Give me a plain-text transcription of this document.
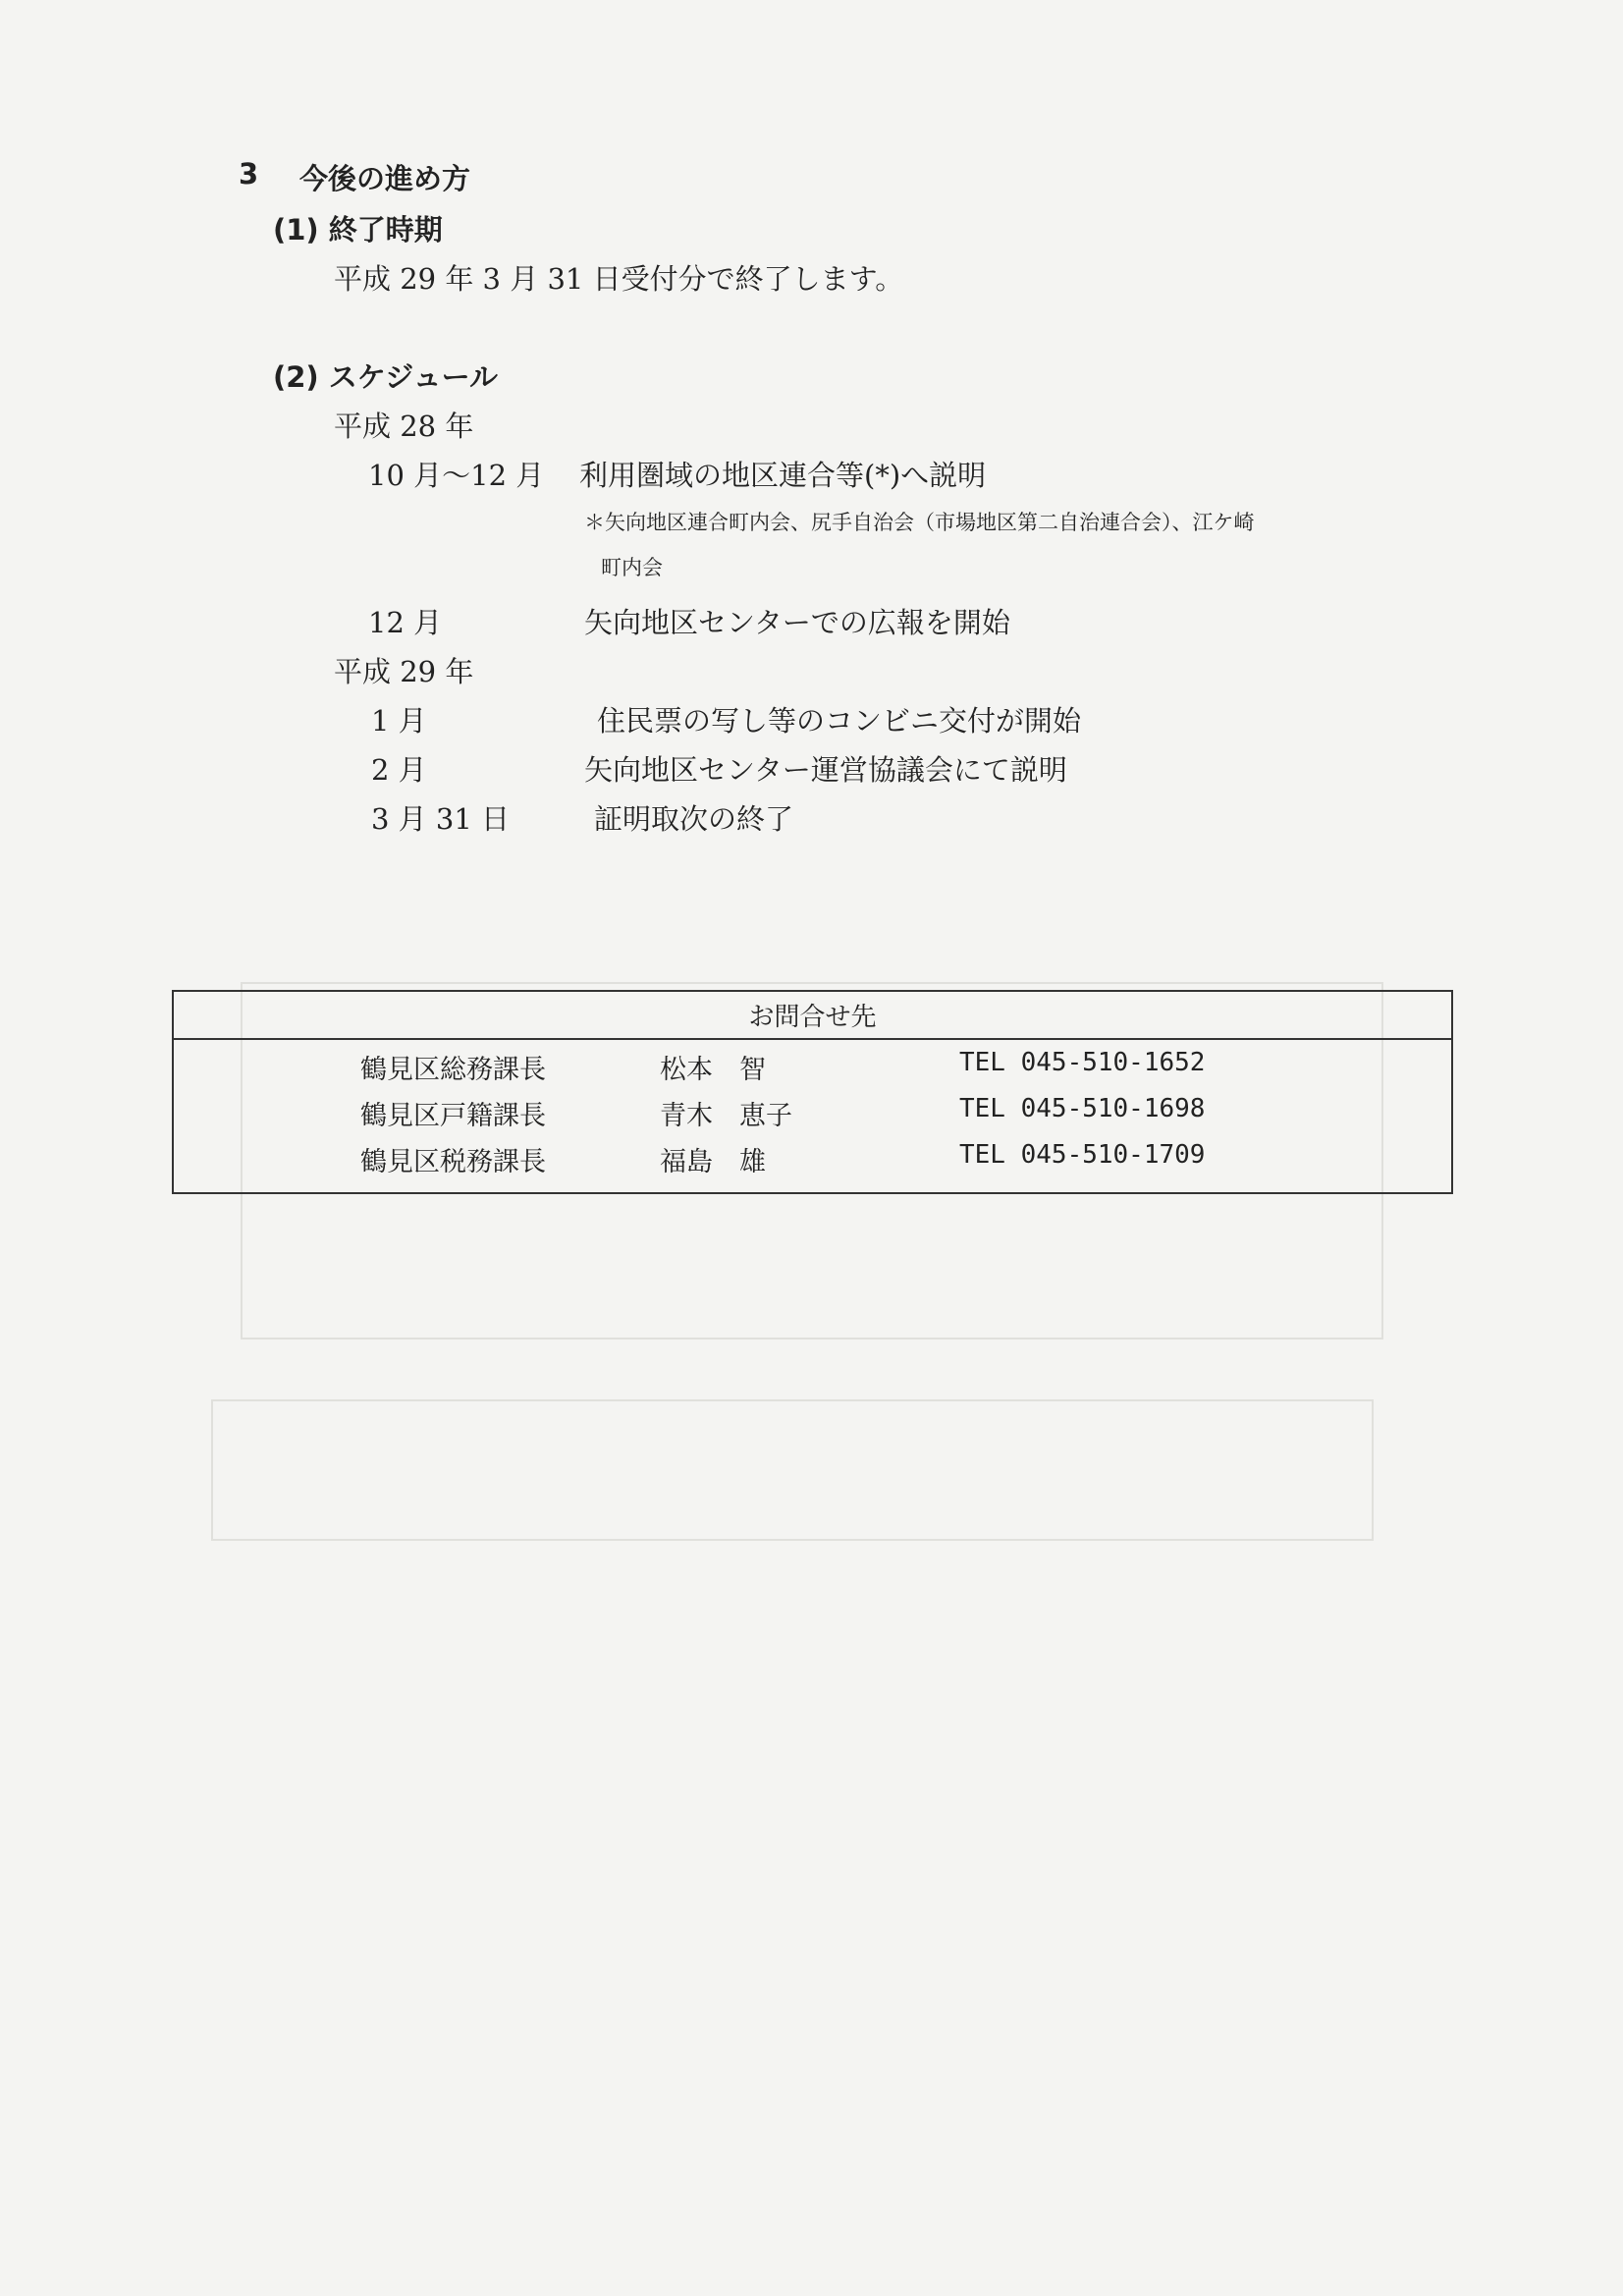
3 今後の進め方
(1) 終了時期
平成 29 年 3 月 31 日受付分で終了します。
(2) スケジュール
平成 28 年
10 月～12 月 利用圏域の地区連合等(*)へ説明
＊矢向地区連合町内会、尻手自治会（市場地区第二自治連合会）、江ケ崎
町内会
12 月	矢向地区センターでの広報を開始
平成 29 年
1 月	住民票の写し等のコンビニ交付が開始
2 月	矢向地区センター運営協議会にて説明
3 月 31 日	証明取次の終了
お問合せ先
鶴見区総務課長	松本　智	TEL 045-510-1652
鶴見区戸籍課長	青木　恵子	TEL 045-510-1698
鶴見区税務課長	福島　雄	TEL 045-510-1709
